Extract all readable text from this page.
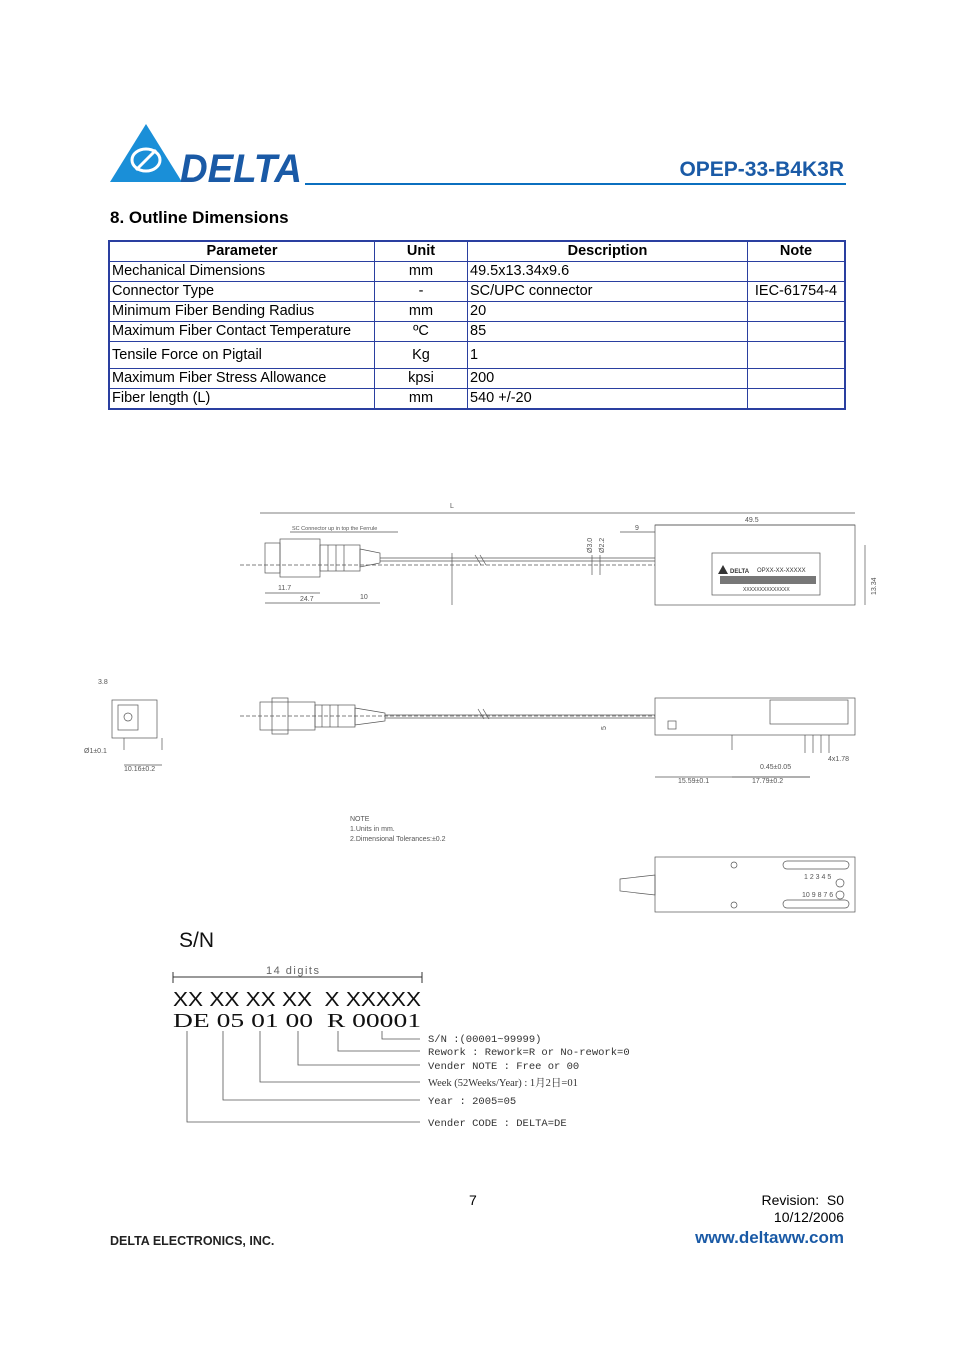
DELTA	OPEP-33-B4K3R
8. Outline Dimensions
Parameter	Unit	Description	Note
Mechanical Dimensions	mm	49.5x13.34x9.6	
Connector Type	-	SC/UPC connector	IEC-61754-4
Minimum Fiber Bending Radius	mm	20	
Maximum Fiber Contact Temperature	ºC	85	
Tensile Force on Pigtail	Kg	1	
Maximum Fiber Stress Allowance	kpsi	200	
Fiber length (L)	mm	540 +/-20	
L
SC Connector up in top the Ferrule	9
49.5
11.7
24.7	10
Ø3.0 Ø2.2
DELTA OPXX-XX-XXXXX
XXXXXXXXXXXXXX	13.34
3.8
Ø1±0.1
10.16±0.2
5
0.45±0.05
4x1.78
15.59±0.1	17.79±0.2
NOTE
1.Units in mm.
2.Dimensional Tolerances:±0.2
1 2 3 4 5
10 9 8 7 6
S/N
14 digits
XX XX XX XX  X XXXXX
DE 05 01 00  R 00001
S/N :(00001~99999)
Rework : Rework=R or No-rework=0
Vender NOTE : Free or 00
Week (52Weeks/Year) : 1月2日=01
Year : 2005=05
Vender CODE : DELTA=DE
7	Revision:  S0
10/12/2006
DELTA ELECTRONICS, INC.	www.deltaww.com
